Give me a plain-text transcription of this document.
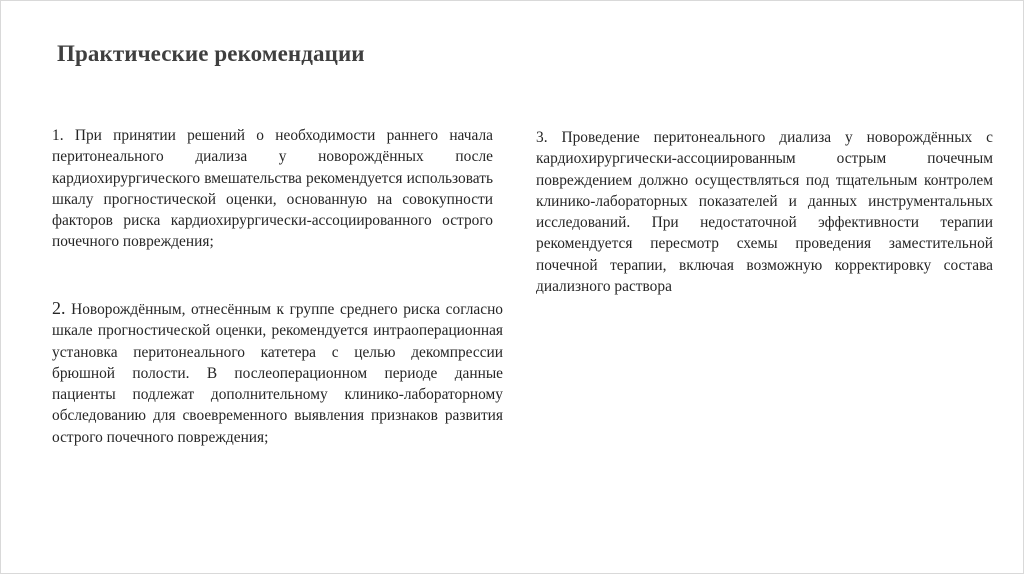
Практические рекомендации

1. При принятии решений о необходимости раннего начала перитонеального диализа у новорождённых после кардиохирургического вмешательства рекомендуется использовать шкалу прогностической оценки, основанную на совокупности факторов риска кардиохирургически-ассоциированного острого почечного повреждения;

2. Новорождённым, отнесённым к группе среднего риска согласно шкале прогностической оценки, рекомендуется интраоперационная установка перитонеального катетера с целью декомпрессии брюшной полости. В послеоперационном периоде данные пациенты подлежат дополнительному клинико-лабораторному обследованию для своевременного выявления признаков развития острого почечного повреждения;

3. Проведение перитонеального диализа у новорождённых с кардиохирургически-ассоциированным острым почечным повреждением должно осуществляться под тщательным контролем клинико-лабораторных показателей и данных инструментальных исследований. При недостаточной эффективности терапии рекомендуется пересмотр схемы проведения заместительной почечной терапии, включая возможную корректировку состава диализного раствора
